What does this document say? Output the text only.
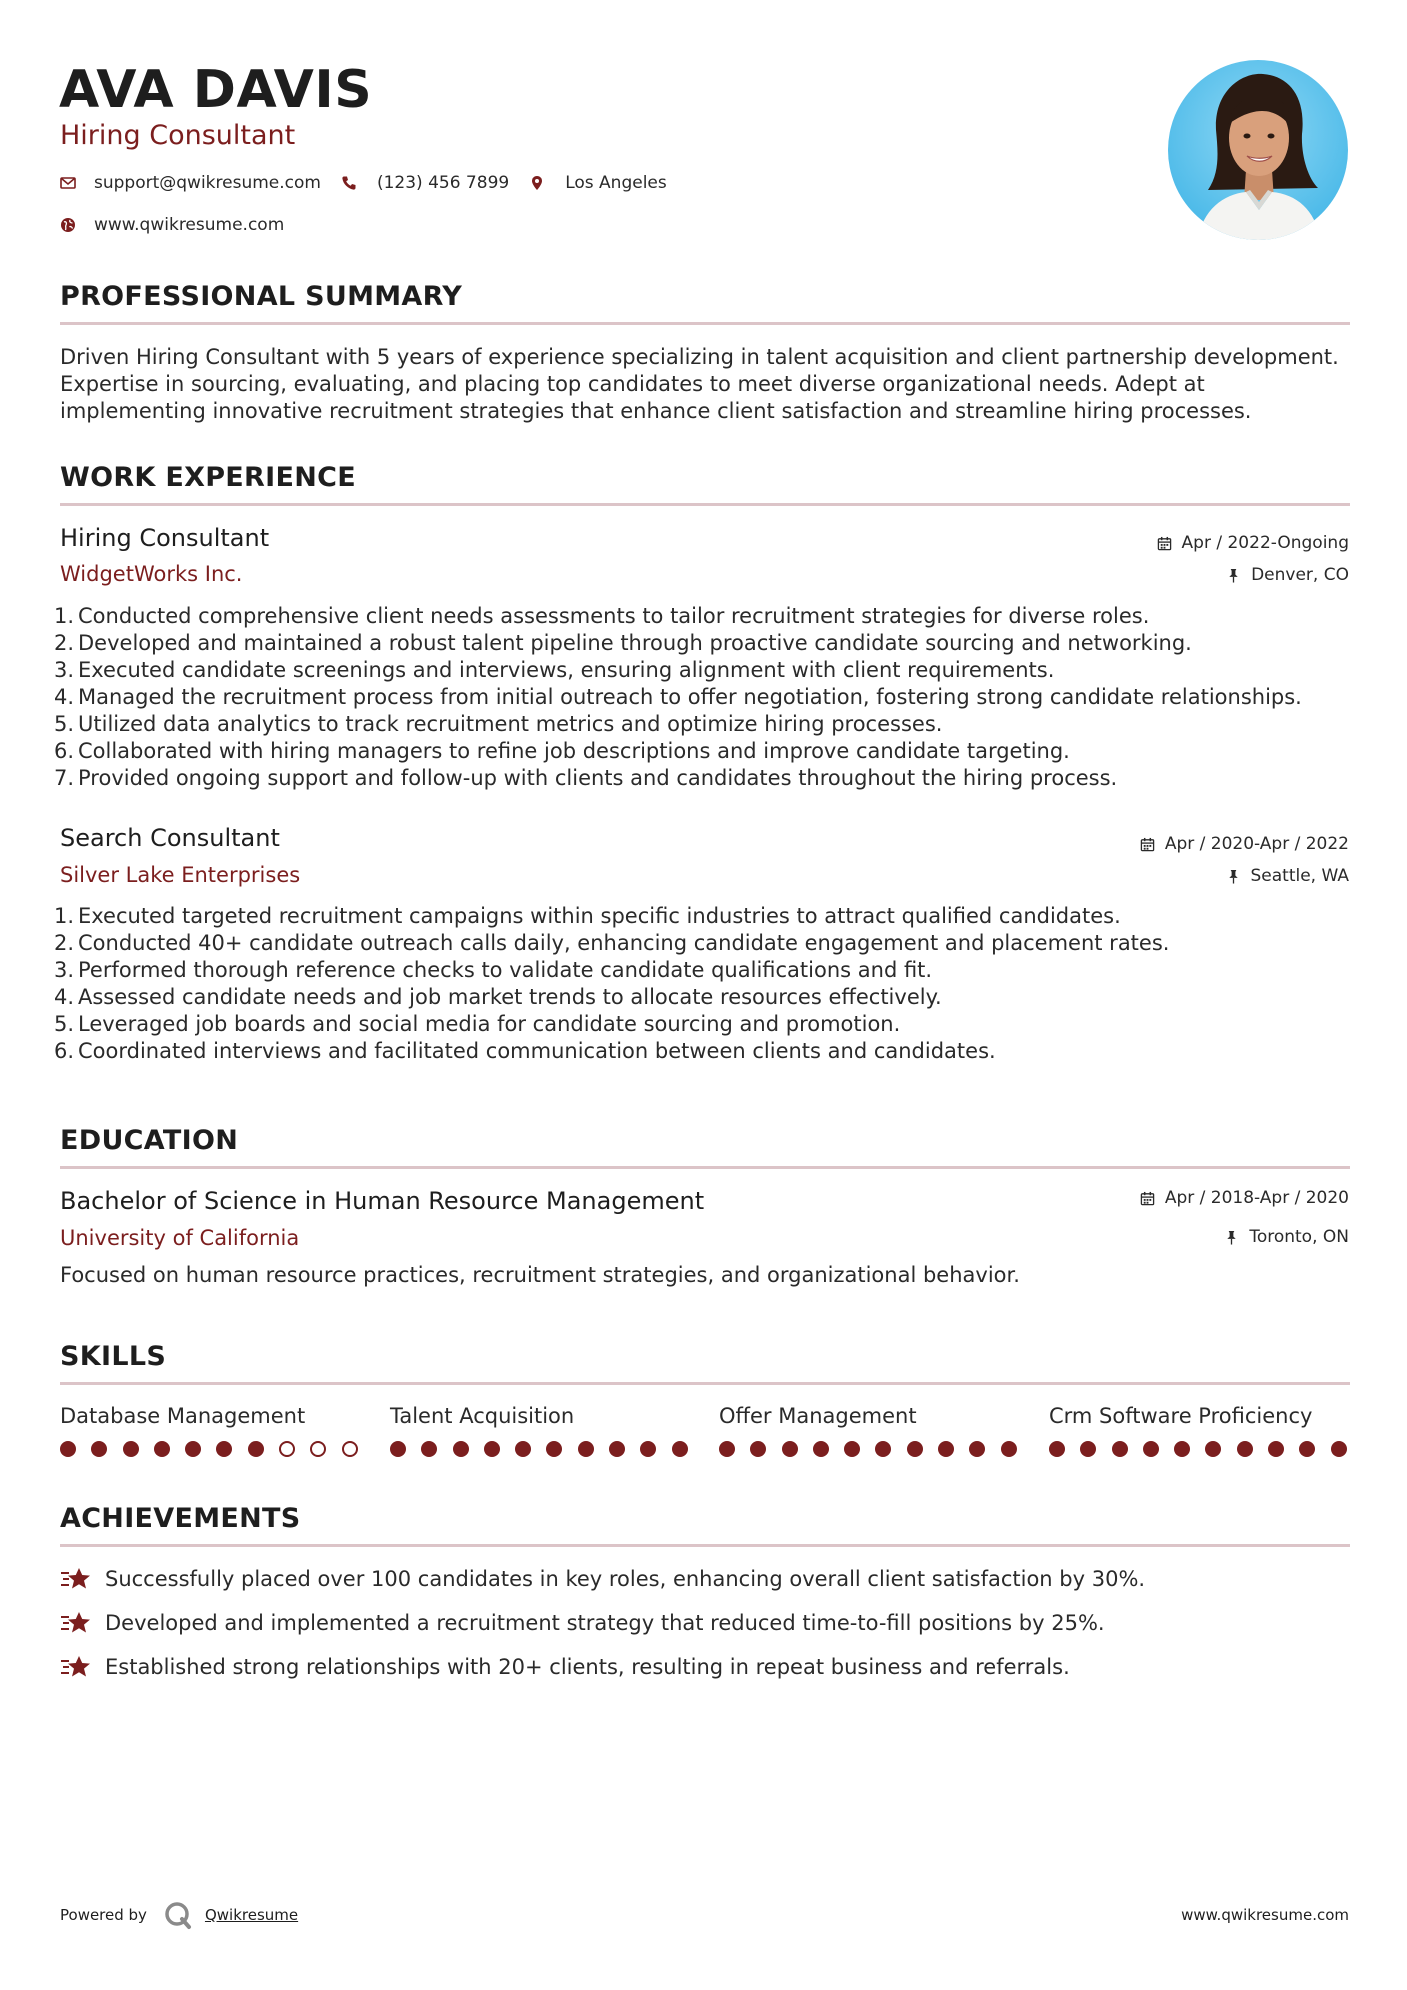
AVA DAVIS
Hiring Consultant
support@qwikresume.com	(123) 456 7899	Los Angeles
www.qwikresume.com
PROFESSIONAL SUMMARY
Driven Hiring Consultant with 5 years of experience specializing in talent acquisition and client partnership development. Expertise in sourcing, evaluating, and placing top candidates to meet diverse organizational needs. Adept at implementing innovative recruitment strategies that enhance client satisfaction and streamline hiring processes.
WORK EXPERIENCE
Hiring Consultant
WidgetWorks Inc.
Apr / 2022-Ongoing
Denver, CO
1. Conducted comprehensive client needs assessments to tailor recruitment strategies for diverse roles.
2. Developed and maintained a robust talent pipeline through proactive candidate sourcing and networking.
3. Executed candidate screenings and interviews, ensuring alignment with client requirements.
4. Managed the recruitment process from initial outreach to offer negotiation, fostering strong candidate relationships.
5. Utilized data analytics to track recruitment metrics and optimize hiring processes.
6. Collaborated with hiring managers to refine job descriptions and improve candidate targeting.
7. Provided ongoing support and follow-up with clients and candidates throughout the hiring process.
Search Consultant
Silver Lake Enterprises
Apr / 2020-Apr / 2022
Seattle, WA
1. Executed targeted recruitment campaigns within specific industries to attract qualified candidates.
2. Conducted 40+ candidate outreach calls daily, enhancing candidate engagement and placement rates.
3. Performed thorough reference checks to validate candidate qualifications and fit.
4. Assessed candidate needs and job market trends to allocate resources effectively.
5. Leveraged job boards and social media for candidate sourcing and promotion.
6. Coordinated interviews and facilitated communication between clients and candidates.
EDUCATION
Bachelor of Science in Human Resource Management
University of California
Apr / 2018-Apr / 2020
Toronto, ON
Focused on human resource practices, recruitment strategies, and organizational behavior.
SKILLS
Database Management	Talent Acquisition	Offer Management	Crm Software Proficiency
ACHIEVEMENTS
Successfully placed over 100 candidates in key roles, enhancing overall client satisfaction by 30%.
Developed and implemented a recruitment strategy that reduced time-to-fill positions by 25%.
Established strong relationships with 20+ clients, resulting in repeat business and referrals.
Powered by	Qwikresume	www.qwikresume.com
